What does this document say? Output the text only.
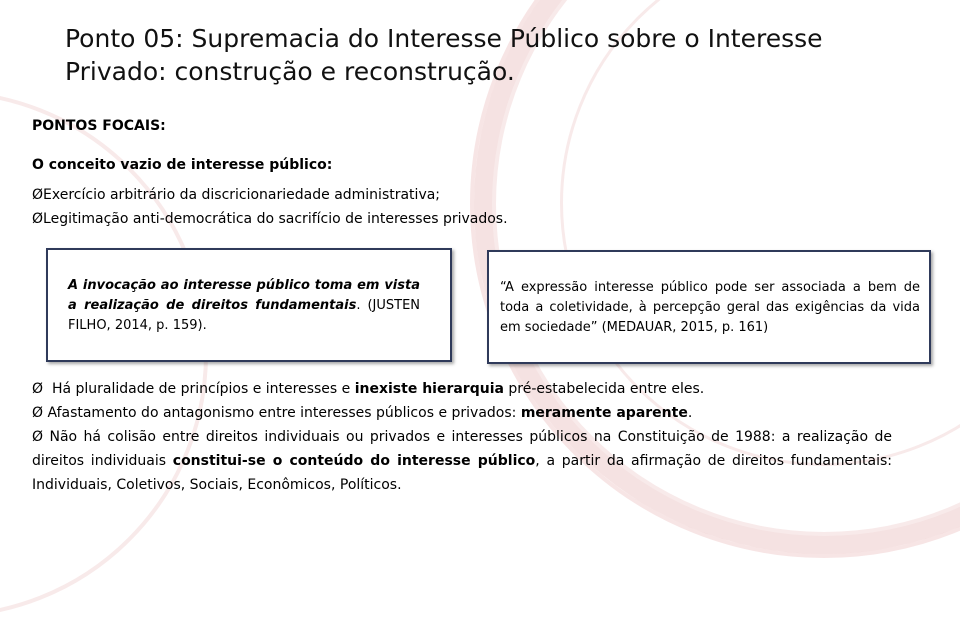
Ponto 05: Supremacia do Interesse Público sobre o Interesse
Privado: construção e reconstrução.
PONTOS FOCAIS:
O conceito vazio de interesse público:
ØExercício arbitrário da discricionariedade administrativa;
ØLegitimação anti-democrática do sacrifício de interesses privados.
A invocação ao interesse público toma em vista a realização de direitos fundamentais. (JUSTEN FILHO, 2014, p. 159).
“A expressão interesse público pode ser associada a bem de toda a coletividade, à percepção geral das exigências da vida em sociedade” (MEDAUAR, 2015, p. 161)

Ø Há pluralidade de princípios e interesses e inexiste hierarquia pré-estabelecida entre eles.

Ø Afastamento do antagonismo entre interesses públicos e privados: meramente aparente.

Ø Não há colisão entre direitos individuais ou privados e interesses públicos na Constituição de 1988: a realização de direitos individuais constitui-se o conteúdo do interesse público, a partir da afirmação de direitos fundamentais: Individuais, Coletivos, Sociais, Econômicos, Políticos.
